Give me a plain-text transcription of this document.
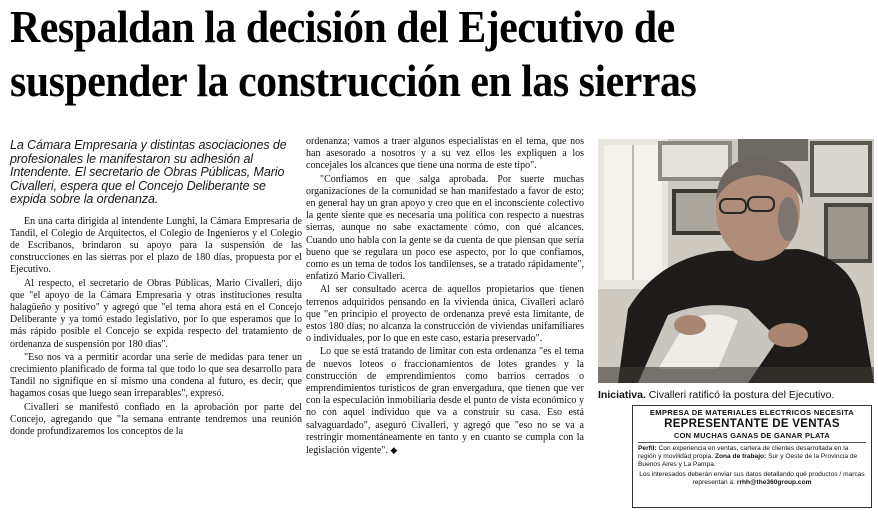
Respaldan la decisión del Ejecutivo de
suspender la construcción en las sierras

La Cámara Empresaria y distintas asociaciones de profesionales le manifestaron su adhesión al Intendente. El secretario de Obras Públicas, Mario Civalleri, espera que el Concejo Deliberante se expida sobre la ordenanza.

En una carta dirigida al intendente Lunghi, la Cámara Empresaria de Tandil, el Colegio de Arquitectos, el Colegio de Ingenieros y el Colegio de Escribanos, brindaron su apoyo para la suspensión de las construcciones en las sierras por el plazo de 180 días, propuesta por el Ejecutivo.

Al respecto, el secretario de Obras Públicas, Mario Civalleri, dijo que "el apoyo de la Cámara Empresaria y otras instituciones resulta halagüeño y positivo" y agregó que "el tema ahora está en el Concejo Deliberante y ya tomó estado legislativo, por lo que esperamos que lo más rápido posible el Concejo se expida respecto del tratamiento de ordenanza de suspensión por 180 días".

"Eso nos va a permitir acordar una serie de medidas para tener un crecimiento planificado de forma tal que todo lo que sea desarrollo para Tandil no signifique en sí mismo una condena al futuro, es decir, que hagamos cosas que luego sean irreparables", expresó.

Civalleri se manifestó confiado en la aprobación por parte del Concejo, agregando que "la semana entrante tendremos una reunión donde profundizaremos los conceptos de la

ordenanza; vamos a traer algunos especialistas en el tema, que nos han asesorado a nosotros y a su vez ellos les expliquen a los concejales los alcances que tiene una norma de este tipo".

"Confiamos en que salga aprobada. Por suerte muchas organizaciones de la comunidad se han manifestado a favor de esto; en general hay un gran apoyo y creo que en el inconsciente colectivo la gente siente que es necesaria una política con respecto a nuestras sierras, aunque no sabe exactamente cómo, con qué alcances. Cuando uno habla con la gente se da cuenta de que piensan que sería bueno que se regulara un poco ese aspecto, por lo que confiamos, como es un tema de todos los tandilenses, se a tratado rápidamente", enfatizó Mario Civalleri.

Al ser consultado acerca de aquellos propietarios que tienen terrenos adquiridos pensando en la vivienda única, Civalleri aclaró que "en principio el proyecto de ordenanza prevé esta limitante, de estos 180 días; no alcanza la construcción de viviendas unifamiliares o individuales, por lo que en este caso, estaría preservado".

Lo que se está tratando de limitar con esta ordenanza "es el tema de nuevos loteos o fraccionamientos de lotes grandes y la construcción de emprendimientos como barrios cerrados o emprendimientos turísticos de gran envergadura, que tienen que ver con la especulación inmobiliaria desde el punto de vista económico y no con aquel individuo que va a construir su casa. Eso está salvaguardado", aseguró Civalleri, y agregó que "eso no se va a restringir momentáneamente en tanto y en cuanto se cumpla con la legislación vigente". ◆

Iniciativa. Civalleri ratificó la postura del Ejecutivo.
EMPRESA DE MATERIALES ELECTRICOS NECESITA
REPRESENTANTE DE VENTAS
CON MUCHAS GANAS DE GANAR PLATA
Perfil: Con experiencia en ventas, cartera de clientes desarrollada en la región y movilidad propia. Zona de trabajo: Sur y Oeste de la Provincia de Buenos Aires y La Pampa.
Los interesados deberán enviar sus datos detallando qué productos / marcas representan a: rrhh@the360group.com
